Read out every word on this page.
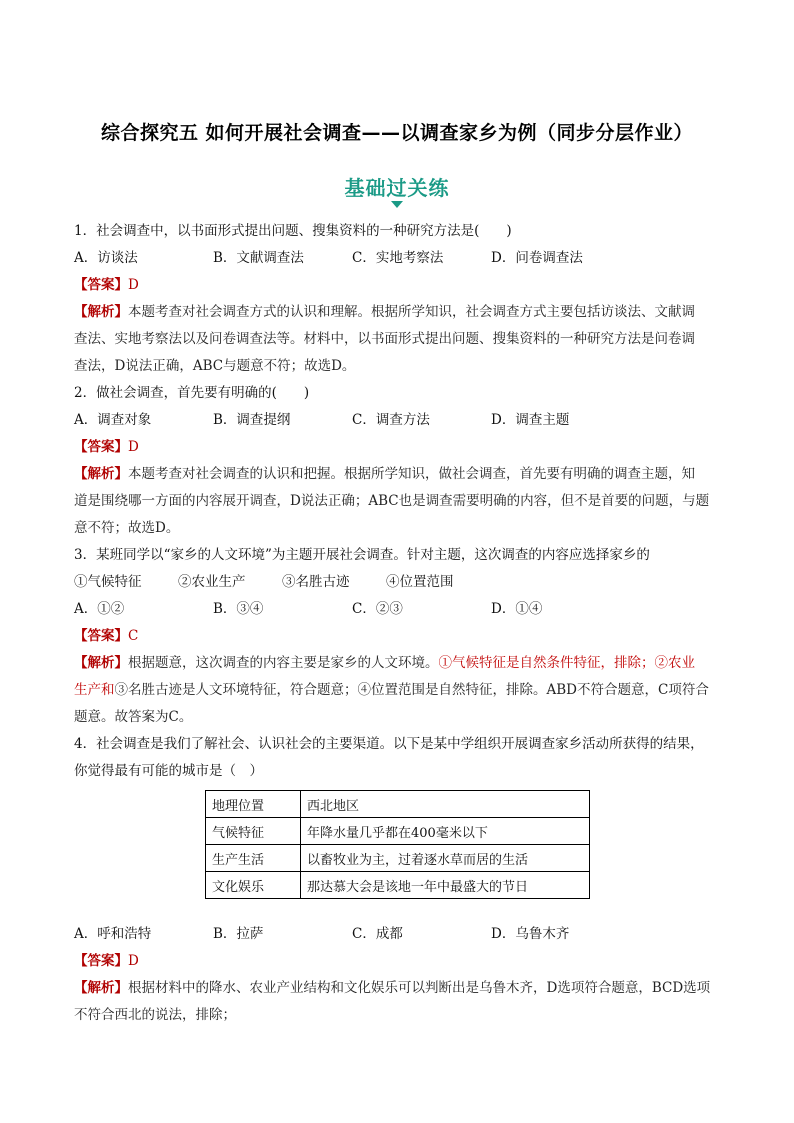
综合探究五 如何开展社会调查——以调查家乡为例（同步分层作业）
基础过关练
1．社会调查中，以书面形式提出问题、搜集资料的一种研究方法是(　　)
A．访谈法	B．文献调查法	C．实地考察法	D．问卷调查法
【答案】D
【解析】本题考查对社会调查方式的认识和理解。根据所学知识，社会调查方式主要包括访谈法、文献调
查法、实地考察法以及问卷调查法等。材料中，以书面形式提出问题、搜集资料的一种研究方法是问卷调
查法，D说法正确，ABC与题意不符；故选D。
2．做社会调查，首先要有明确的(　　)
A．调查对象	B．调查提纲	C．调查方法	D．调查主题
【答案】D
【解析】本题考查对社会调查的认识和把握。根据所学知识，做社会调查，首先要有明确的调查主题，知
道是围绕哪一方面的内容展开调查，D说法正确；ABC也是调查需要明确的内容，但不是首要的问题，与题
意不符；故选D。
3．某班同学以“家乡的人文环境”为主题开展社会调查。针对主题，这次调查的内容应选择家乡的
①气候特征	②农业生产	③名胜古迹	④位置范围
A．①②	B．③④	C．②③	D．①④
【答案】C
【解析】根据题意，这次调查的内容主要是家乡的人文环境。①气候特征是自然条件特征，排除；②农业
生产和③名胜古迹是人文环境特征，符合题意；④位置范围是自然特征，排除。ABD不符合题意，C项符合
题意。故答案为C。
4．社会调查是我们了解社会、认识社会的主要渠道。以下是某中学组织开展调查家乡活动所获得的结果，
你觉得最有可能的城市是（　）
地理位置	西北地区
气候特征	年降水量几乎都在400毫米以下
生产生活	以畜牧业为主，过着逐水草而居的生活
文化娱乐	那达慕大会是该地一年中最盛大的节日
A．呼和浩特	B．拉萨	C．成都	D．乌鲁木齐
【答案】D
【解析】根据材料中的降水、农业产业结构和文化娱乐可以判断出是乌鲁木齐，D选项符合题意，BCD选项
不符合西北的说法，排除；
